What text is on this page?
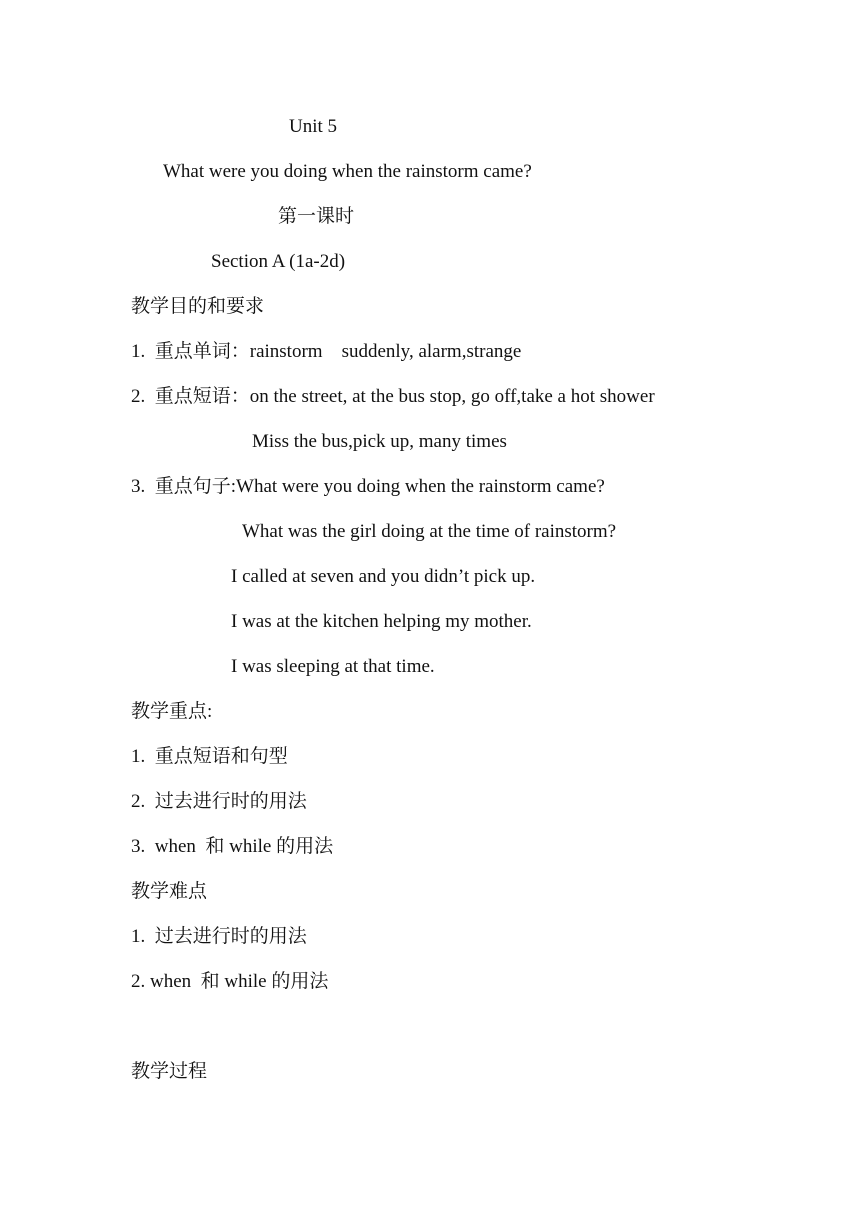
Unit 5
What were you doing when the rainstorm came?
第一课时
Section A (1a-2d)
教学目的和要求
1.  重点单词：rainstorm    suddenly, alarm,strange
2.  重点短语：on the street, at the bus stop, go off,take a hot shower
Miss the bus,pick up, many times
3.  重点句子:What were you doing when the rainstorm came?
What was the girl doing at the time of rainstorm?
I called at seven and you didn’t pick up.
I was at the kitchen helping my mother.
I was sleeping at that time.
教学重点:
1.  重点短语和句型
2.  过去进行时的用法
3.  when  和 while 的用法
教学难点
1.  过去进行时的用法
2. when  和 while 的用法
教学过程
